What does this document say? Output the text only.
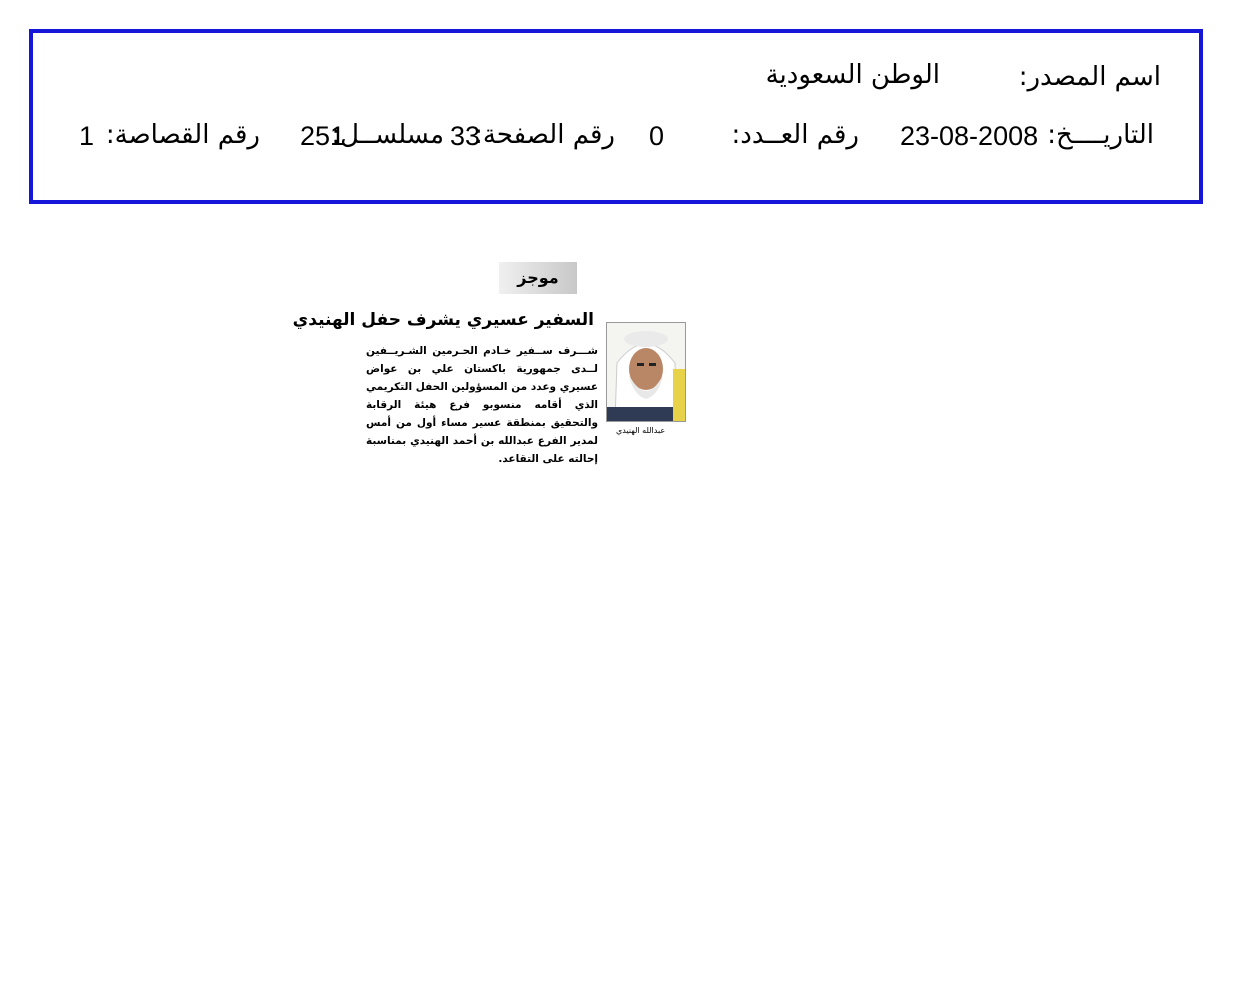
اسم المصدر:
الوطن السعودية
التاريــــخ:
23-08-2008
رقم العــدد:
0
رقم الصفحة:
33
مسلســل:
251
رقم القصاصة:
1
موجز
السفير عسيري يشرف حفل الهنيدي
شـــرف ســفير خـادم الحـرمين الشـريــفين لــدى جمهورية باكستان علي بن عواض عسيري وعدد من المسؤولين الحفل التكريمي الذي أقامه منسوبو فرع هيئة الرقابة والتحقيق بمنطقة عسير مساء أول من أمس لمدير الفرع عبدالله بن أحمد الهنيدي بمناسبة إحالته على التقاعد.
عبدالله الهنيدي
